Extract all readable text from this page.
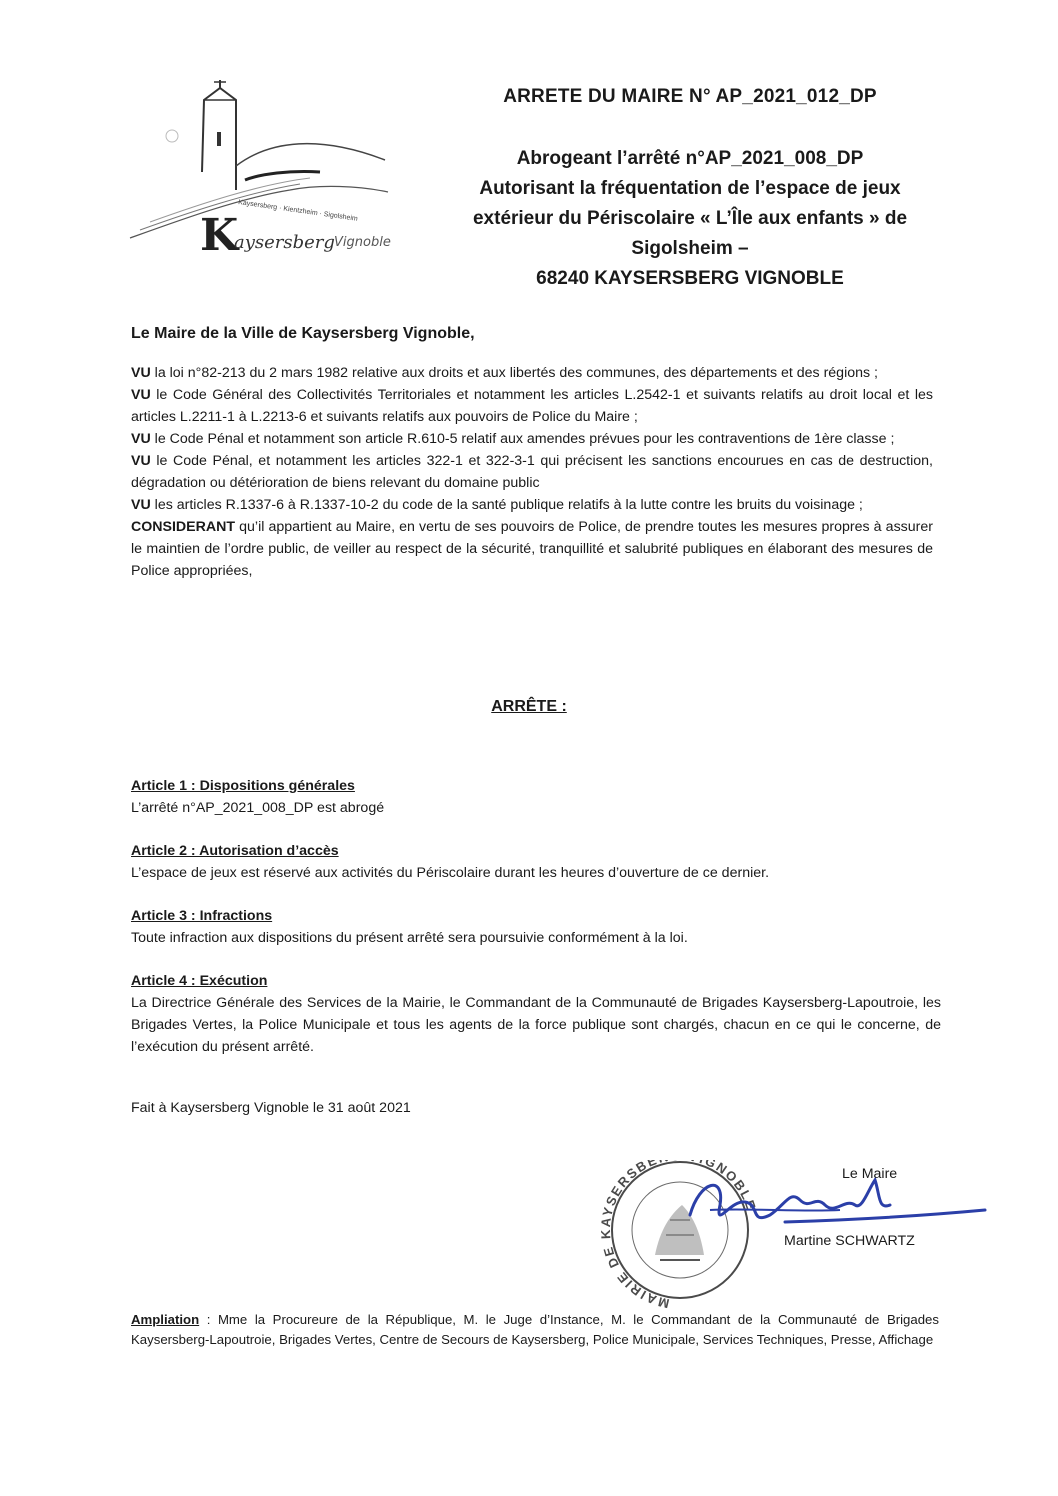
Kaysersberg · Kientzheim · Sigolsheim
K
aysersberg Vignoble
ARRETE DU MAIRE N° AP_2021_012_DP
Abrogeant l’arrêté n°AP_2021_008_DP
Autorisant la fréquentation de l’espace de jeux
extérieur du Périscolaire « L’Île aux enfants » de
Sigolsheim –
68240 KAYSERSBERG VIGNOBLE
Le Maire de la Ville de Kaysersberg Vignoble,

VU la loi n°82-213 du 2 mars 1982 relative aux droits et aux libertés des communes, des départements et des régions ;

VU le Code Général des Collectivités Territoriales et notamment les articles L.2542-1 et suivants relatifs au droit local et les articles L.2211-1 à L.2213-6 et suivants relatifs aux pouvoirs de Police du Maire ;

VU le Code Pénal et notamment son article R.610-5 relatif aux amendes prévues pour les contraventions de 1ère classe ;

VU le Code Pénal, et notamment les articles 322-1 et 322-3-1 qui précisent les sanctions encourues en cas de destruction, dégradation ou détérioration de biens relevant du domaine public

VU les articles R.1337-6 à R.1337-10-2 du code de la santé publique relatifs à la lutte contre les bruits du voisinage ;

CONSIDERANT qu’il appartient au Maire, en vertu de ses pouvoirs de Police, de prendre toutes les mesures propres à assurer le maintien de l’ordre public, de veiller au respect de la sécurité, tranquillité et salubrité publiques en élaborant des mesures de Police appropriées,

ARRÊTE :
Article 1 : Dispositions générales
L’arrêté n°AP_2021_008_DP est abrogé
Article 2 : Autorisation d’accès
L’espace de jeux est réservé aux activités du Périscolaire durant les heures d’ouverture de ce dernier.
Article 3 : Infractions
Toute infraction aux dispositions du présent arrêté sera poursuivie conformément à la loi.
Article 4 : Exécution
La Directrice Générale des Services de la Mairie, le Commandant de la Communauté de Brigades Kaysersberg-Lapoutroie, les Brigades Vertes, la Police Municipale et tous les agents de la force publique sont chargés, chacun en ce qui le concerne, de l’exécution du présent arrêté.
Fait à Kaysersberg Vignoble le 31 août 2021
MAIRIE DE YSERSBE GNOBLE
Le Maire
Martine SCHWARTZ
Ampliation : Mme la Procureure de la République, M. le Juge d’Instance, M. le Commandant de la Communauté de Brigades Kaysersberg-Lapoutroie, Brigades Vertes, Centre de Secours de Kaysersberg, Police Municipale, Services Techniques, Presse, Affichage
